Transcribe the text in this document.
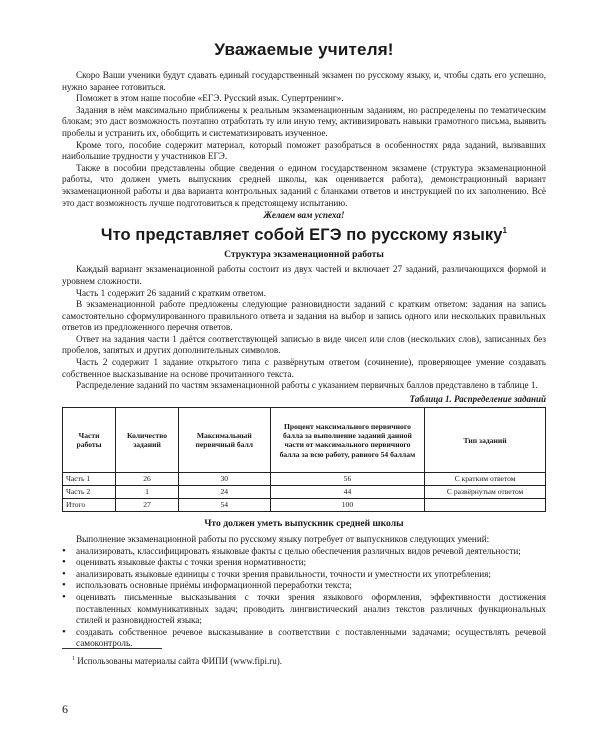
Уважаемые учителя!

Скоро Ваши ученики будут сдавать единый государственный экзамен по русскому языку, и, чтобы сдать его успешно, нужно заранее готовиться.

Поможет в этом наше пособие «ЕГЭ. Русский язык. Супертренинг».

Задания в нём максимально приближены к реальным экзаменационным заданиям, но распределены по тематическим блокам; это даст возможность поэтапно отработать ту или иную тему, активизировать навыки грамотного письма, выявить пробелы и устранить их, обобщить и систематизировать изученное.

Кроме того, пособие содержит материал, который поможет разобраться в особенностях ряда заданий, вызвавших наибольшие трудности у участников ЕГЭ.

Также в пособии представлены общие сведения о едином государственном экзамене (структура экзаменационной работы, что должен уметь выпускник средней школы, как оценивается работа), демонстрационный вариант экзаменационной работы и два варианта контрольных заданий с бланками ответов и инструкцией по их заполнению. Всё это даст возможность лучше подготовиться к предстоящему испытанию.

Желаем вам успеха!

Что представляет собой ЕГЭ по русскому языку$^1$

Структура экзаменационной работы

Каждый вариант экзаменационной работы состоит из двух частей и включает 27 заданий, различающихся формой и уровнем сложности.

Часть 1 содержит 26 заданий с кратким ответом.

В экзаменационной работе предложены следующие разновидности заданий с кратким ответом: задания на запись самостоятельно сформулированного правильного ответа и задания на выбор и запись одного или нескольких правильных ответов из предложенного перечня ответов.

Ответ на задания части 1 даётся соответствующей записью в виде чисел или слов (нескольких слов), записанных без пробелов, запятых и других дополнительных символов.

Часть 2 содержит 1 задание открытого типа с развёрнутым ответом (сочинение), проверяющее умение создавать собственное высказывание на основе прочитанного текста.

Распределение заданий по частям экзаменационной работы с указанием первичных баллов представлено в таблице 1.

Таблица 1. Распределение заданий

Части работы	Количество заданий	Максимальный первичный балл	Процент максимального первичного балла за выполнение заданий данной части от максимального первичного балла за всю работу, равного 54 баллам	Тип заданий
Часть 1	26	30	56	С кратким ответом
Часть 2	1	24	44	С развёрнутым ответом
Итого	27	54	100	

Что должен уметь выпускник средней школы

Выполнение экзаменационной работы по русскому языку потребует от выпускников следующих умений:

• анализировать, классифицировать языковые факты с целью обеспечения различных видов речевой деятельности;
• оценивать языковые факты с точки зрения нормативности;
• анализировать языковые единицы с точки зрения правильности, точности и уместности их употребления;
• использовать основные приёмы информационной переработки текста;
• оценивать письменные высказывания с точки зрения языкового оформления, эффективности достижения поставленных коммуникативных задач; проводить лингвистический анализ текстов различных функциональных стилей и разновидностей языка;
• создавать собственное речевое высказывание в соответствии с поставленными задачами; осуществлять речевой самоконтроль.
$^1$ Использованы материалы сайта ФИПИ (www.fipi.ru).
6
